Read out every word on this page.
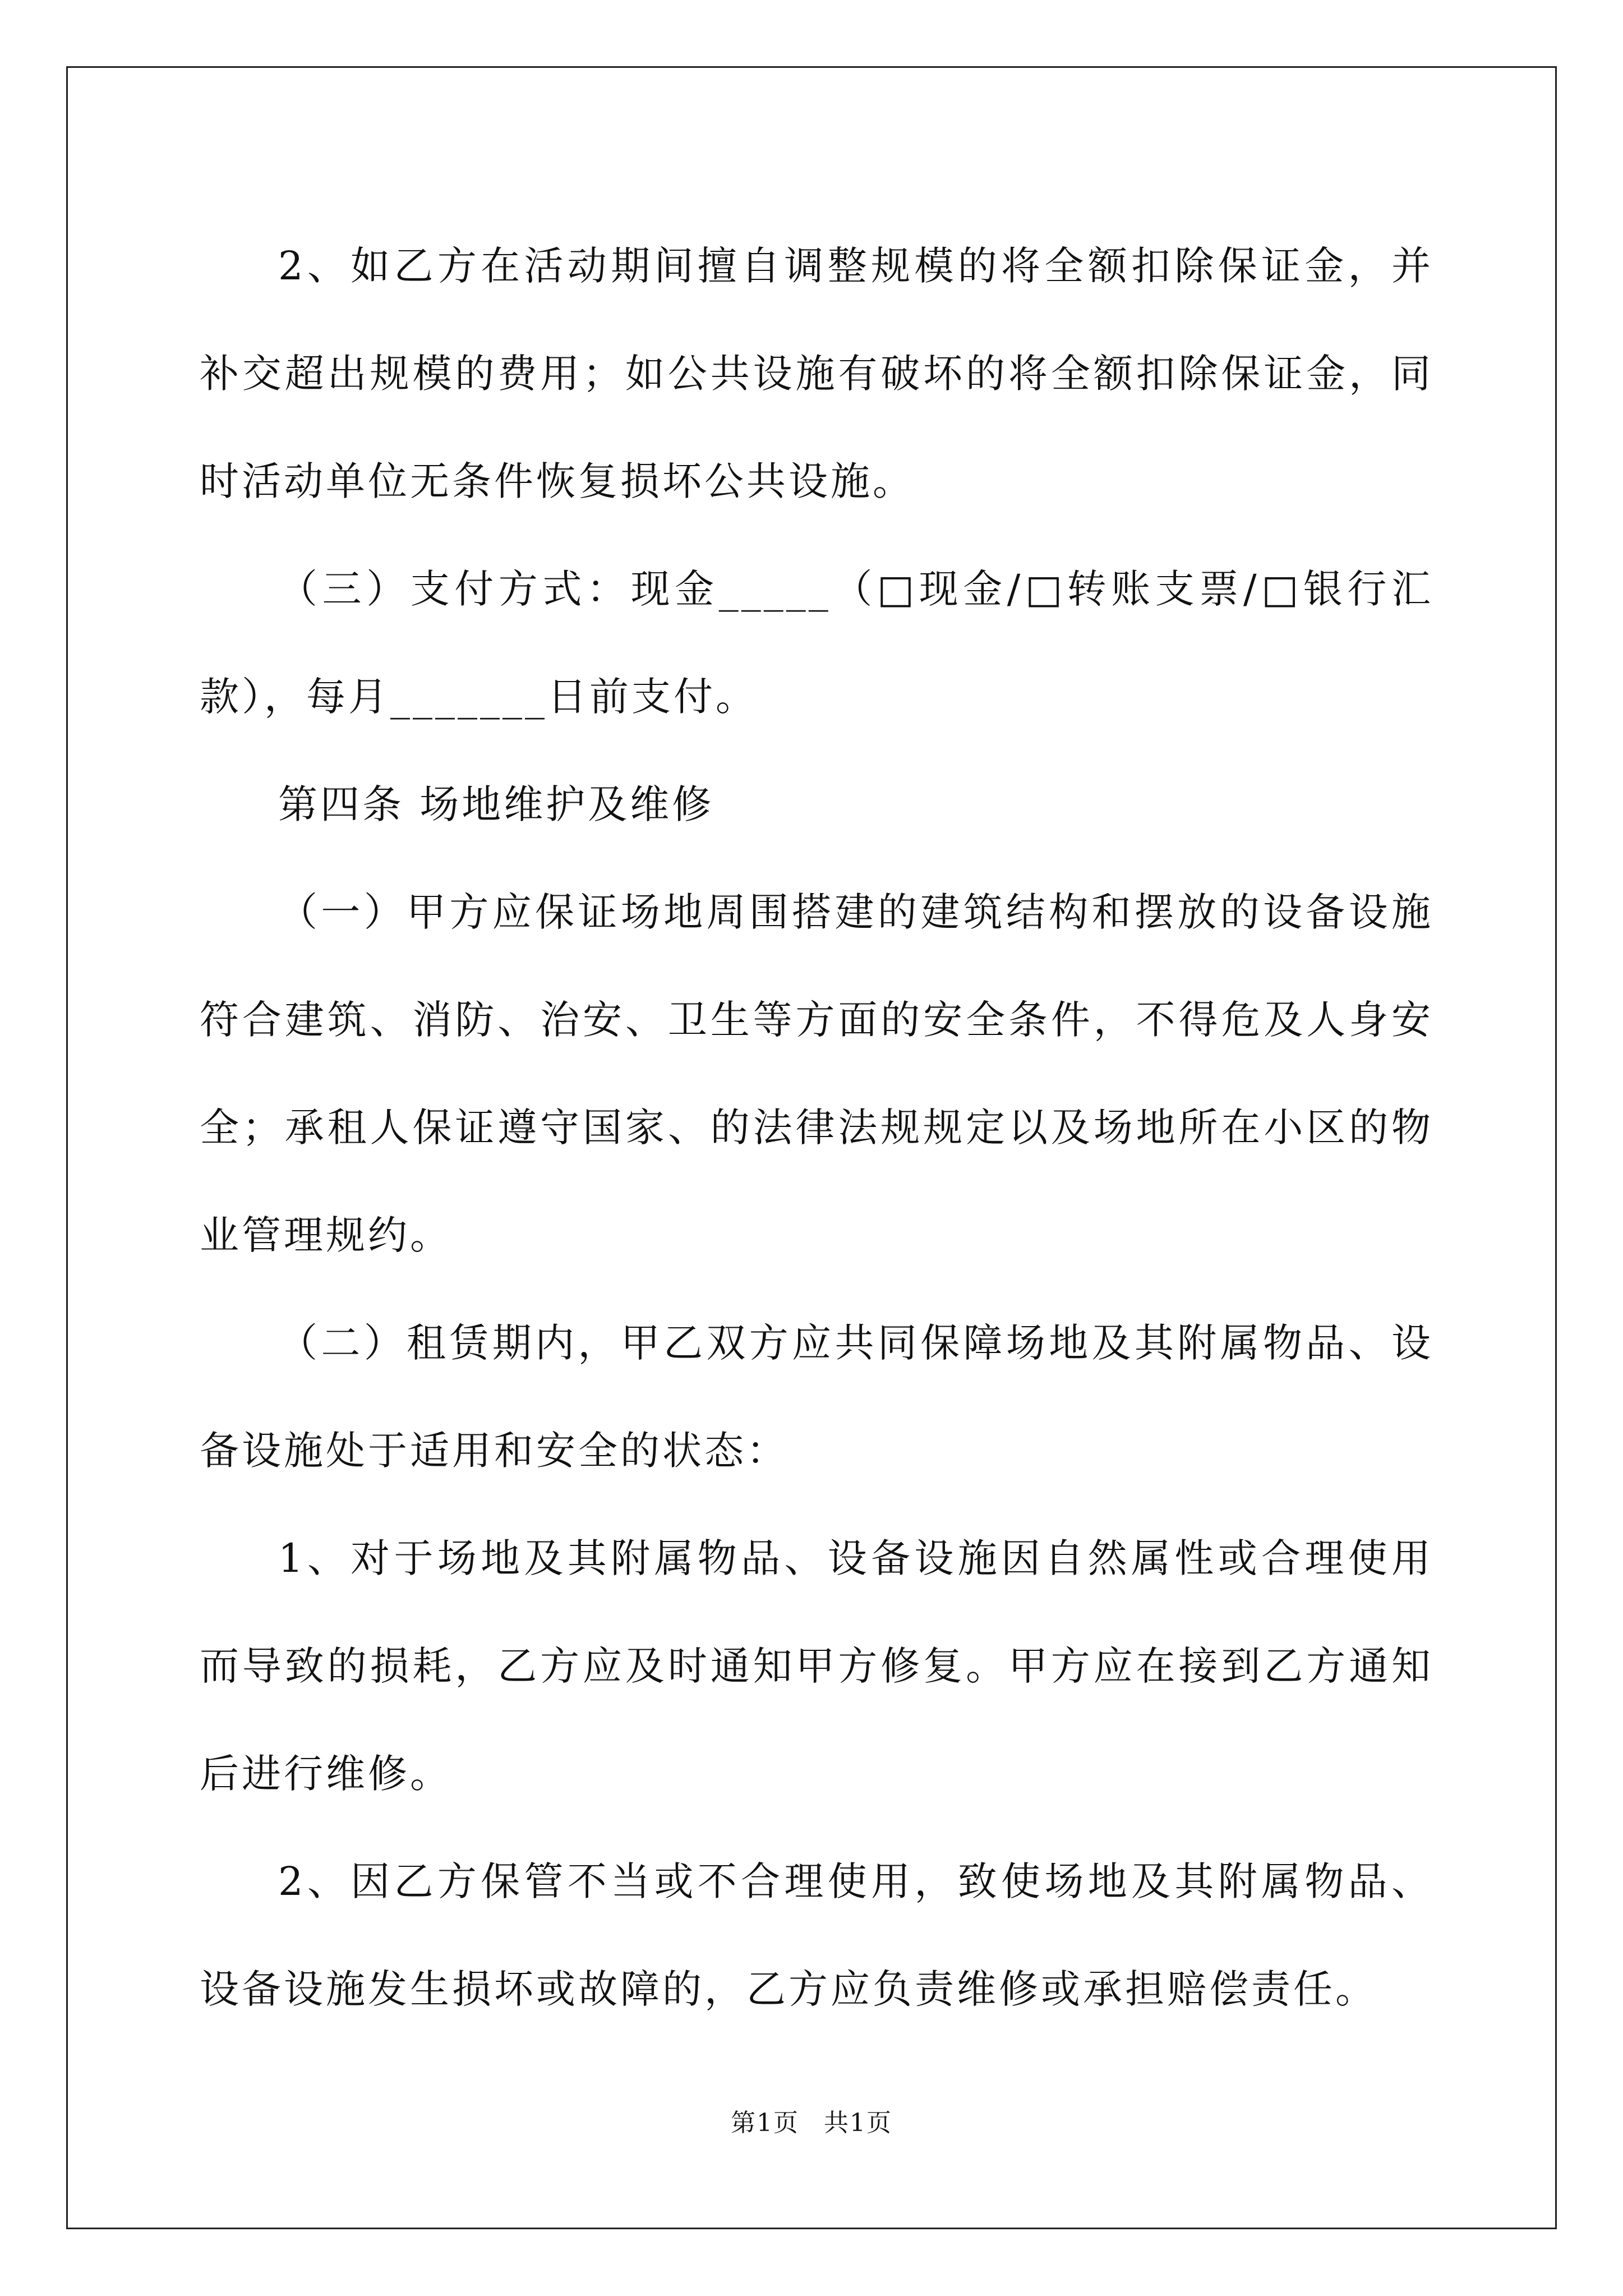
2、如乙方在活动期间擅自调整规模的将全额扣除保证金，并补交超出规模的费用；如公共设施有破坏的将全额扣除保证金，同时活动单位无条件恢复损坏公共设施。

（三）支付方式：现金_____（□现金/□转账支票/□银行汇款），每月_______日前支付。

第四条 场地维护及维修

（一）甲方应保证场地周围搭建的建筑结构和摆放的设备设施符合建筑、消防、治安、卫生等方面的安全条件，不得危及人身安全；承租人保证遵守国家、的法律法规规定以及场地所在小区的物业管理规约。

（二）租赁期内，甲乙双方应共同保障场地及其附属物品、设备设施处于适用和安全的状态：

1、对于场地及其附属物品、设备设施因自然属性或合理使用而导致的损耗，乙方应及时通知甲方修复。甲方应在接到乙方通知后进行维修。

2、因乙方保管不当或不合理使用，致使场地及其附属物品、设备设施发生损坏或故障的，乙方应负责维修或承担赔偿责任。

第1页 共1页
